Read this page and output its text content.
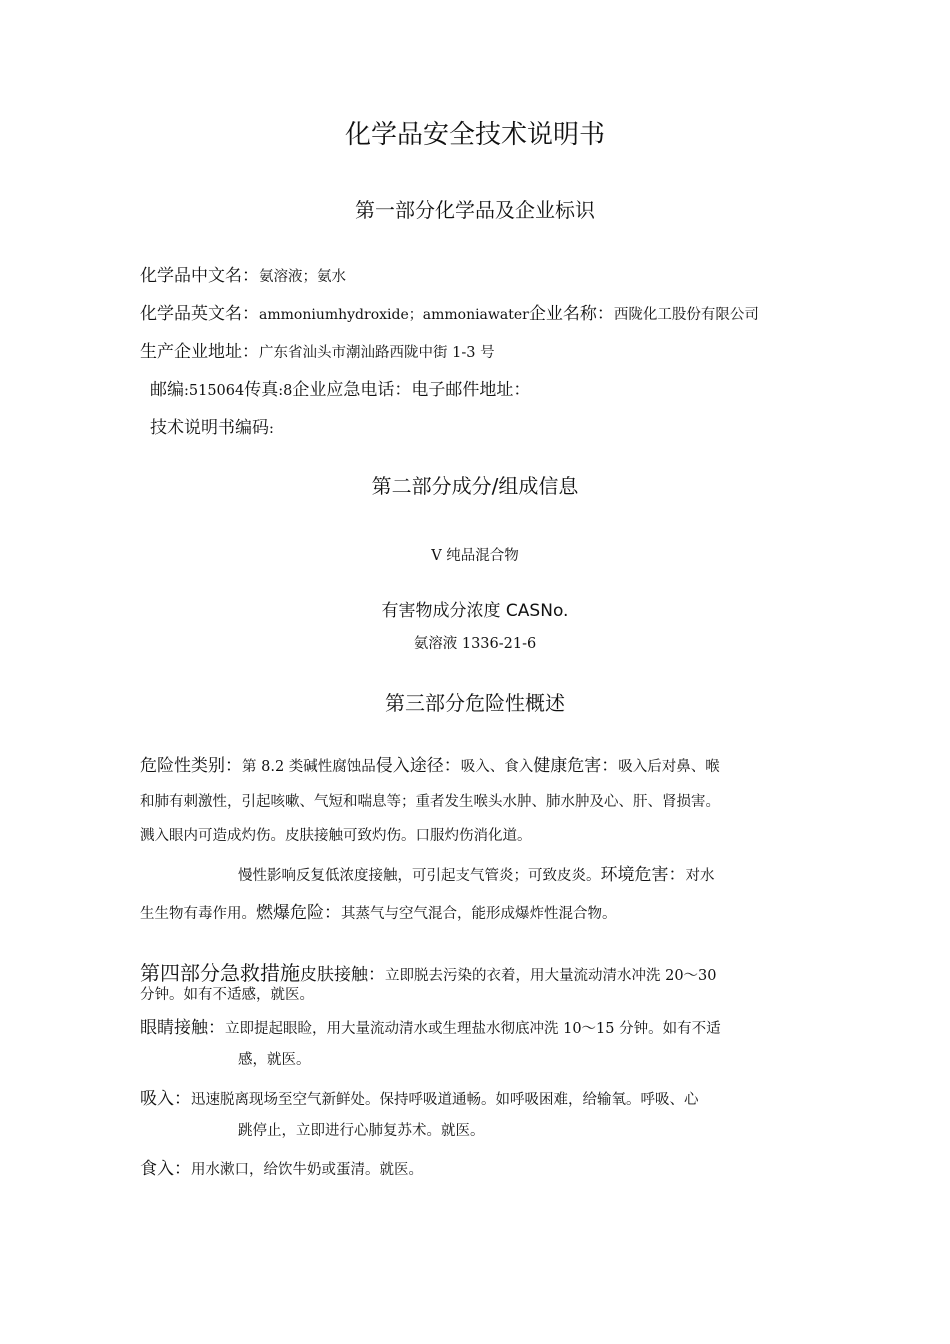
化学品安全技术说明书
第一部分化学品及企业标识
化学品中文名：氨溶液；氨水
化学品英文名：ammoniumhydroxide；ammoniawater企业名称：西陇化工股份有限公司
生产企业地址：广东省汕头市潮汕路西陇中街 1-3 号
邮编:515064传真:8企业应急电话：电子邮件地址：
技术说明书编码:
第二部分成分/组成信息
V 纯品混合物
有害物成分浓度 CASNo.
氨溶液 1336-21-6
第三部分危险性概述
危险性类别：第 8.2 类碱性腐蚀品侵入途径：吸入、食入健康危害：吸入后对鼻、喉
和肺有刺激性，引起咳嗽、气短和喘息等；重者发生喉头水肿、肺水肿及心、肝、肾损害。
溅入眼内可造成灼伤。皮肤接触可致灼伤。口服灼伤消化道。
慢性影响反复低浓度接触，可引起支气管炎；可致皮炎。环境危害：对水
生生物有毒作用。燃爆危险：其蒸气与空气混合，能形成爆炸性混合物。
第四部分急救措施皮肤接触：立即脱去污染的衣着，用大量流动清水冲洗 20〜30
分钟。如有不适感，就医。
眼睛接触：立即提起眼睑，用大量流动清水或生理盐水彻底冲洗 10〜15 分钟。如有不适
感，就医。
吸入：迅速脱离现场至空气新鲜处。保持呼吸道通畅。如呼吸困难，给输氧。呼吸、心
跳停止，立即进行心肺复苏术。就医。
食入：用水漱口，给饮牛奶或蛋清。就医。
